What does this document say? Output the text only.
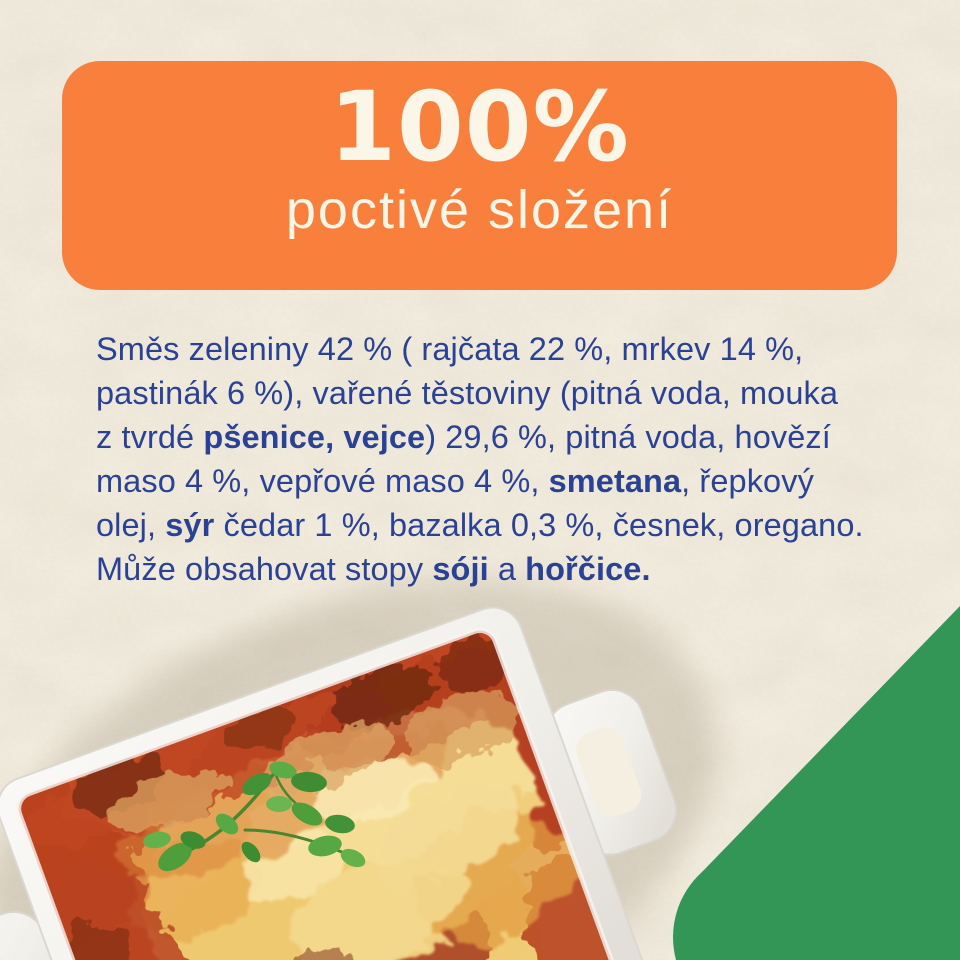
100%
poctivé složení
Směs zeleniny 42 % ( rajčata 22 %, mrkev 14 %,
pastinák 6 %), vařené těstoviny (pitná voda, mouka
z tvrdé pšenice, vejce) 29,6 %, pitná voda, hovězí
maso 4 %, vepřové maso 4 %, smetana, řepkový
olej, sýr čedar 1 %, bazalka 0,3 %, česnek, oregano.
Může obsahovat stopy sóji a hořčice.
